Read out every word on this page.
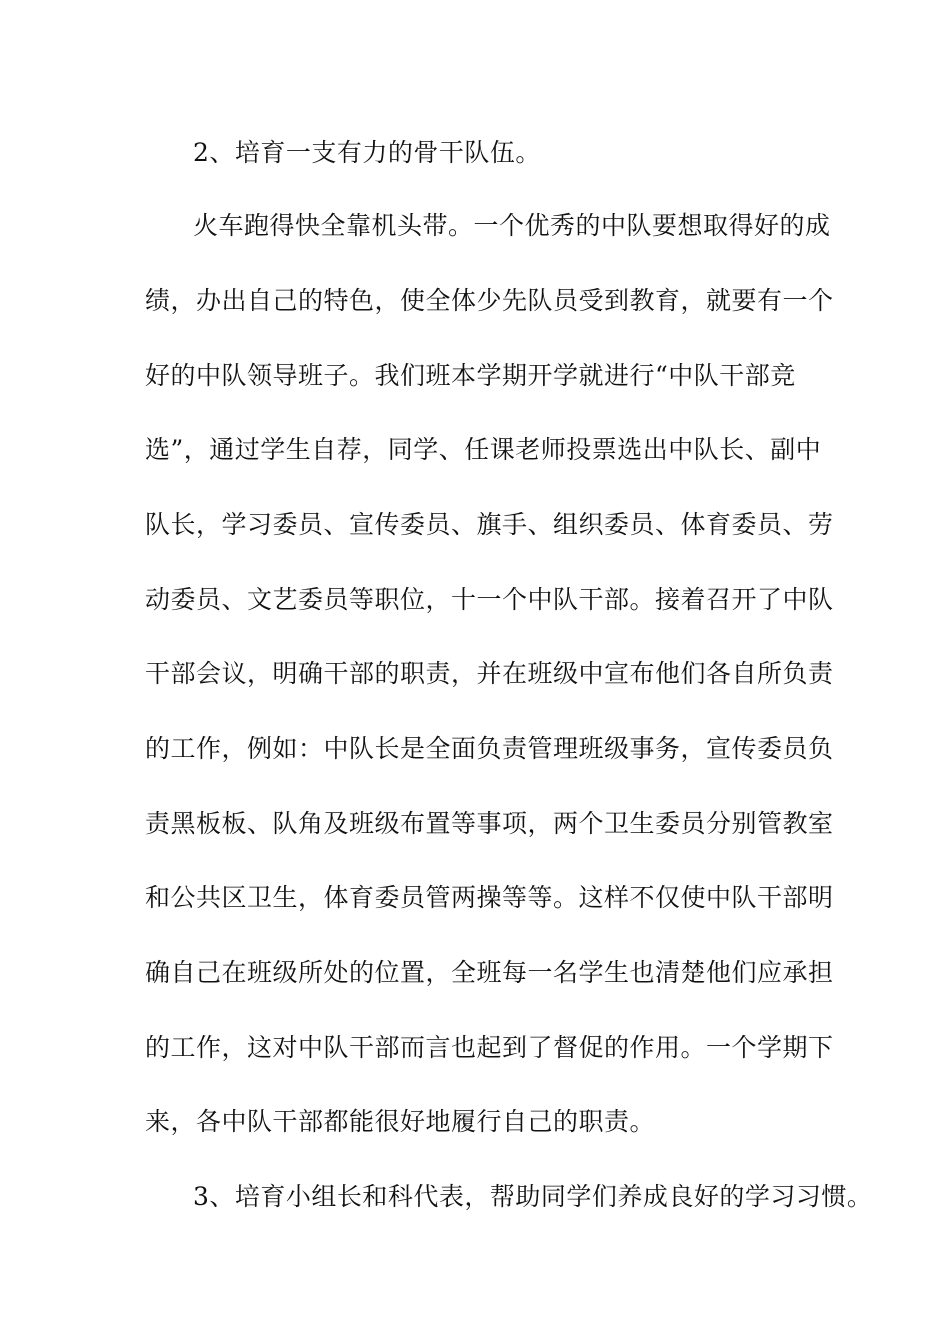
2、培育一支有力的骨干队伍。
火车跑得快全靠机头带。一个优秀的中队要想取得好的成
绩，办出自己的特色，使全体少先队员受到教育，就要有一个
好的中队领导班子。我们班本学期开学就进行“中队干部竞
选”，通过学生自荐，同学、任课老师投票选出中队长、副中
队长，学习委员、宣传委员、旗手、组织委员、体育委员、劳
动委员、文艺委员等职位，十一个中队干部。接着召开了中队
干部会议，明确干部的职责，并在班级中宣布他们各自所负责
的工作，例如：中队长是全面负责管理班级事务，宣传委员负
责黑板板、队角及班级布置等事项，两个卫生委员分别管教室
和公共区卫生，体育委员管两操等等。这样不仅使中队干部明
确自己在班级所处的位置，全班每一名学生也清楚他们应承担
的工作，这对中队干部而言也起到了督促的作用。一个学期下
来，各中队干部都能很好地履行自己的职责。
3、培育小组长和科代表，帮助同学们养成良好的学习习惯。
